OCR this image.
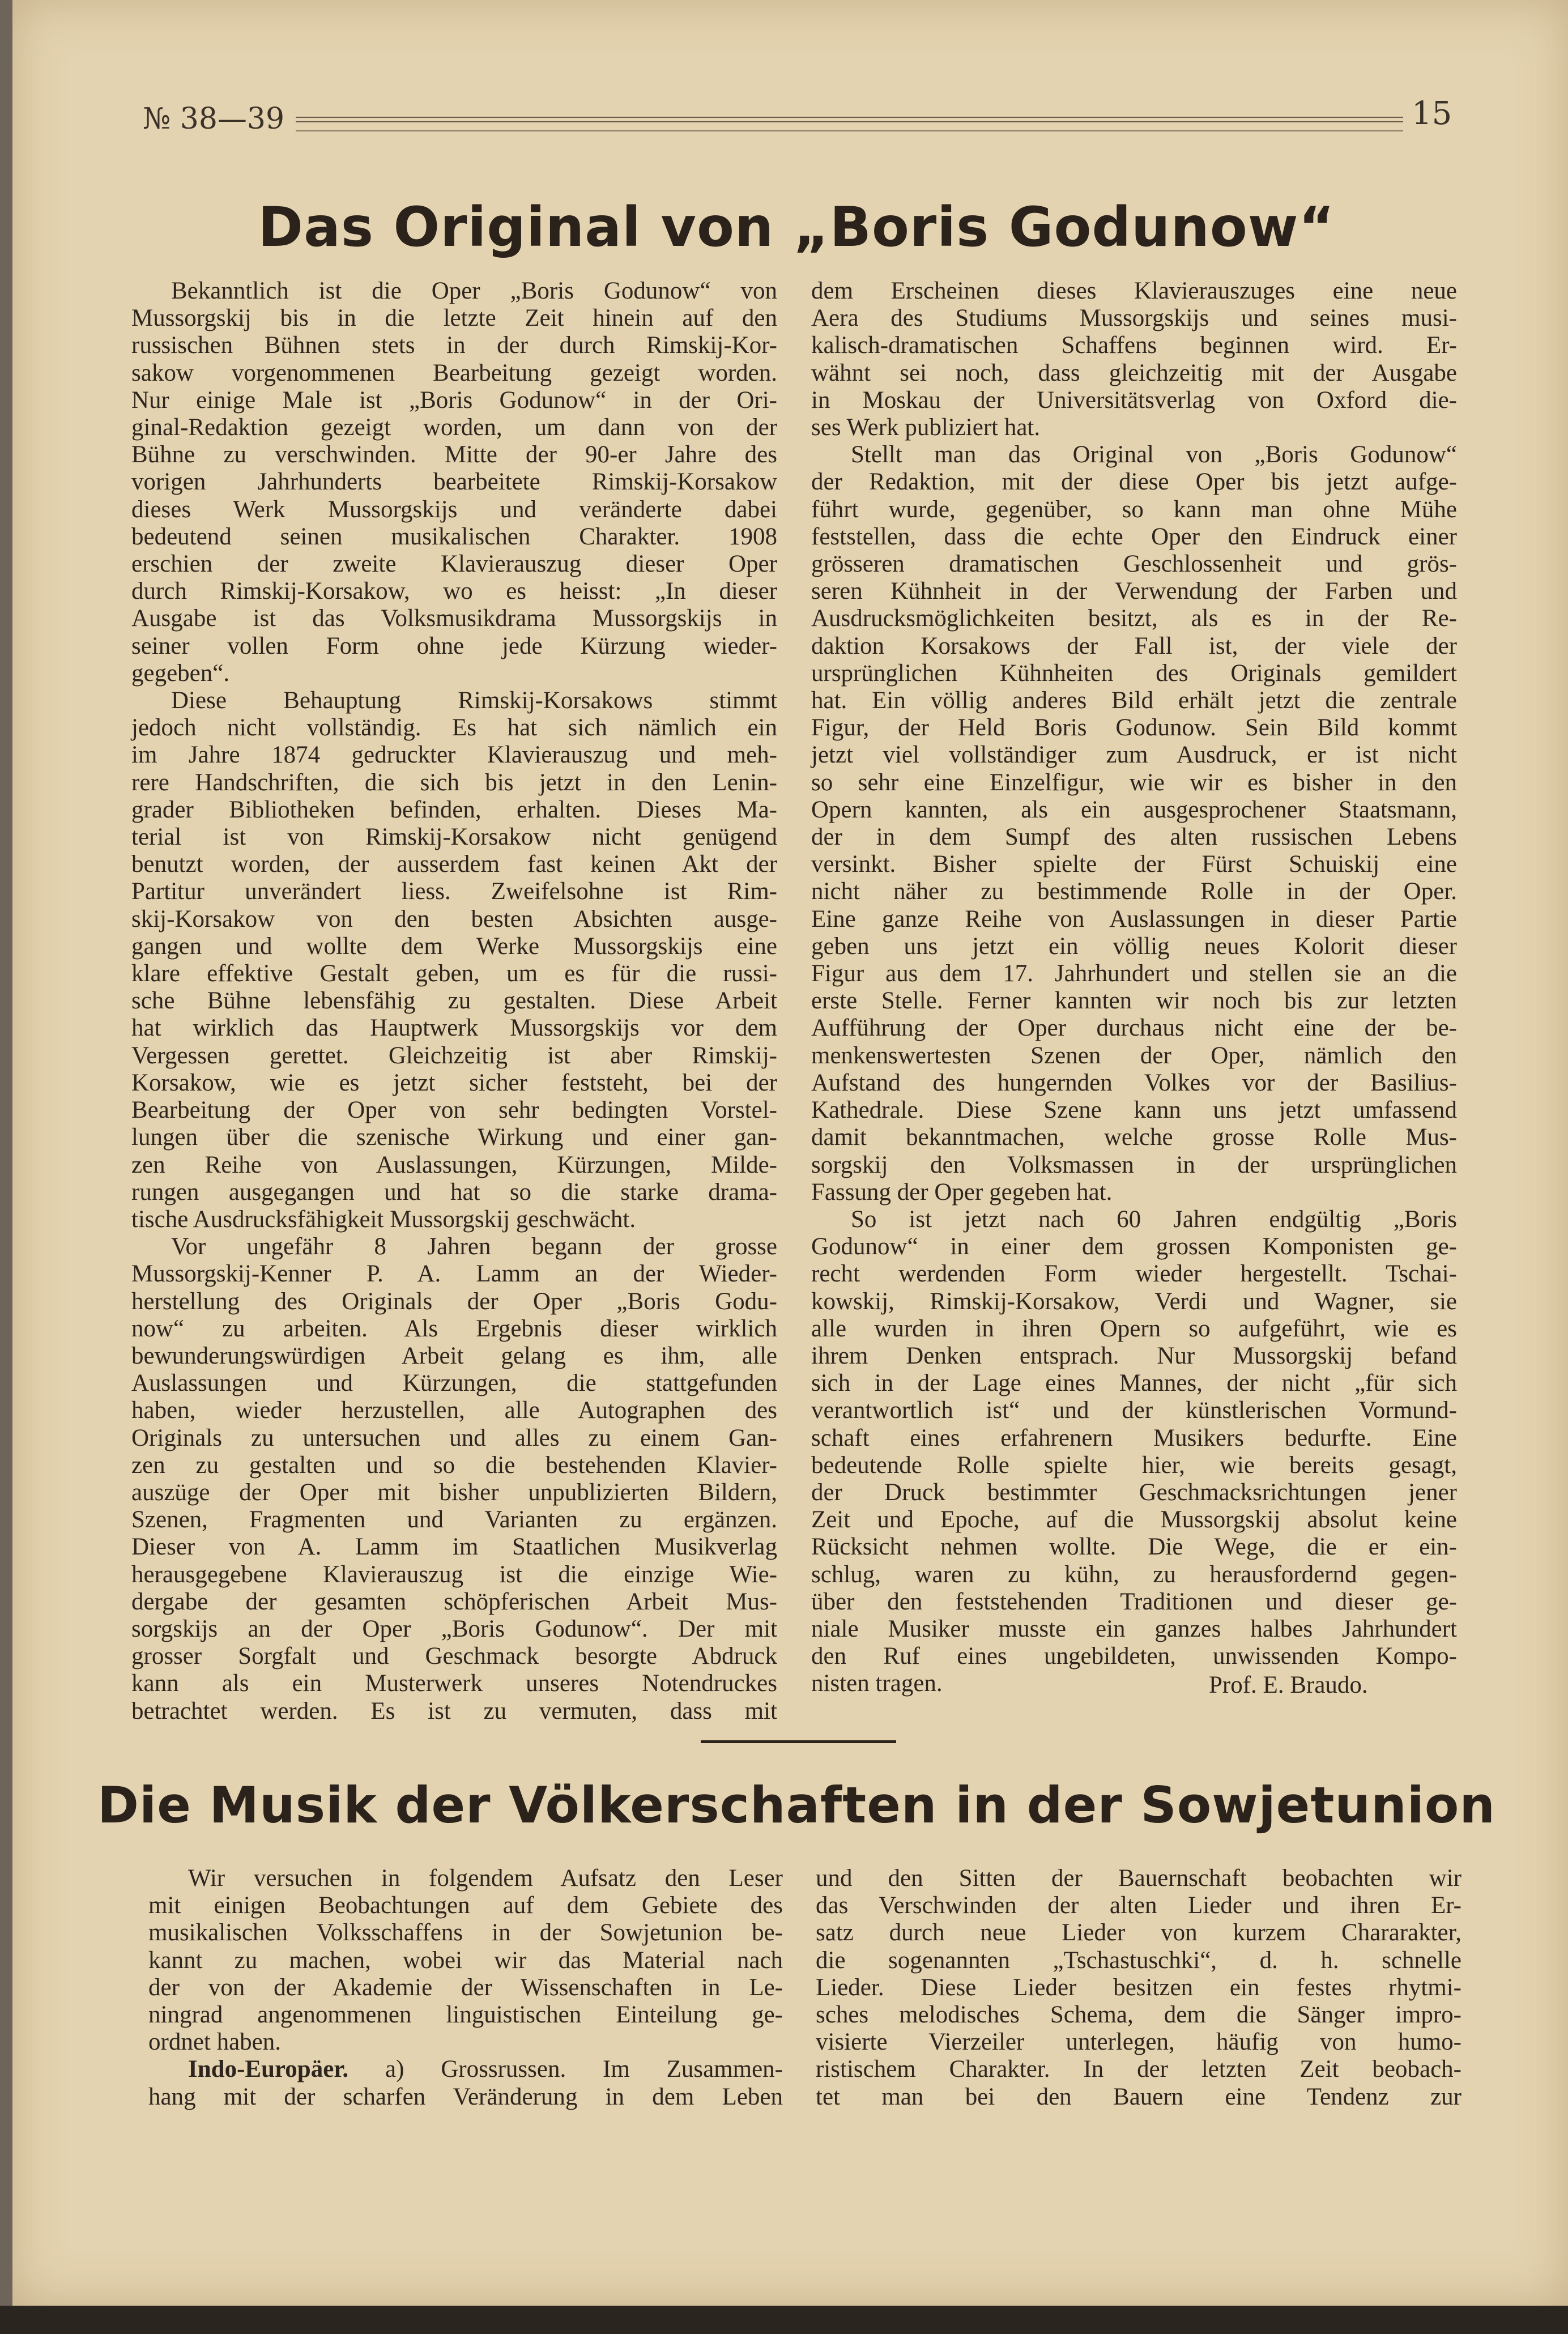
№ 38—39	15
Das Original von „Boris Godunow“
Bekanntlich ist die Oper „Boris Godunow“ von
Mussorgskij bis in die letzte Zeit hinein auf den
russischen Bühnen stets in der durch Rimskij-Kor-
sakow vorgenommenen Bearbeitung gezeigt worden.
Nur einige Male ist „Boris Godunow“ in der Ori-
ginal-Redaktion gezeigt worden, um dann von der
Bühne zu verschwinden. Mitte der 90-er Jahre des
vorigen Jahrhunderts bearbeitete Rimskij-Korsakow
dieses Werk Mussorgskijs und veränderte dabei
bedeutend seinen musikalischen Charakter. 1908
erschien der zweite Klavierauszug dieser Oper
durch Rimskij-Korsakow, wo es heisst: „In dieser
Ausgabe ist das Volksmusikdrama Mussorgskijs in
seiner vollen Form ohne jede Kürzung wieder-
gegeben“.
Diese Behauptung Rimskij-Korsakows stimmt
jedoch nicht vollständig. Es hat sich nämlich ein
im Jahre 1874 gedruckter Klavierauszug und meh-
rere Handschriften, die sich bis jetzt in den Lenin-
grader Bibliotheken befinden, erhalten. Dieses Ma-
terial ist von Rimskij-Korsakow nicht genügend
benutzt worden, der ausserdem fast keinen Akt der
Partitur unverändert liess. Zweifelsohne ist Rim-
skij-Korsakow von den besten Absichten ausge-
gangen und wollte dem Werke Mussorgskijs eine
klare effektive Gestalt geben, um es für die russi-
sche Bühne lebensfähig zu gestalten. Diese Arbeit
hat wirklich das Hauptwerk Mussorgskijs vor dem
Vergessen gerettet. Gleichzeitig ist aber Rimskij-
Korsakow, wie es jetzt sicher feststeht, bei der
Bearbeitung der Oper von sehr bedingten Vorstel-
lungen über die szenische Wirkung und einer gan-
zen Reihe von Auslassungen, Kürzungen, Milde-
rungen ausgegangen und hat so die starke drama-
tische Ausdrucksfähigkeit Mussorgskij geschwächt.
Vor ungefähr 8 Jahren begann der grosse
Mussorgskij-Kenner P. A. Lamm an der Wieder-
herstellung des Originals der Oper „Boris Godu-
now“ zu arbeiten. Als Ergebnis dieser wirklich
bewunderungswürdigen Arbeit gelang es ihm, alle
Auslassungen und Kürzungen, die stattgefunden
haben, wieder herzustellen, alle Autographen des
Originals zu untersuchen und alles zu einem Gan-
zen zu gestalten und so die bestehenden Klavier-
auszüge der Oper mit bisher unpublizierten Bildern,
Szenen, Fragmenten und Varianten zu ergänzen.
Dieser von A. Lamm im Staatlichen Musikverlag
herausgegebene Klavierauszug ist die einzige Wie-
dergabe der gesamten schöpferischen Arbeit Mus-
sorgskijs an der Oper „Boris Godunow“. Der mit
grosser Sorgfalt und Geschmack besorgte Abdruck
kann als ein Musterwerk unseres Notendruckes
betrachtet werden. Es ist zu vermuten, dass mit
dem Erscheinen dieses Klavierauszuges eine neue
Aera des Studiums Mussorgskijs und seines musi-
kalisch-dramatischen Schaffens beginnen wird. Er-
wähnt sei noch, dass gleichzeitig mit der Ausgabe
in Moskau der Universitätsverlag von Oxford die-
ses Werk publiziert hat.
Stellt man das Original von „Boris Godunow“
der Redaktion, mit der diese Oper bis jetzt aufge-
führt wurde, gegenüber, so kann man ohne Mühe
feststellen, dass die echte Oper den Eindruck einer
grösseren dramatischen Geschlossenheit und grös-
seren Kühnheit in der Verwendung der Farben und
Ausdrucksmöglichkeiten besitzt, als es in der Re-
daktion Korsakows der Fall ist, der viele der
ursprünglichen Kühnheiten des Originals gemildert
hat. Ein völlig anderes Bild erhält jetzt die zentrale
Figur, der Held Boris Godunow. Sein Bild kommt
jetzt viel vollständiger zum Ausdruck, er ist nicht
so sehr eine Einzelfigur, wie wir es bisher in den
Opern kannten, als ein ausgesprochener Staatsmann,
der in dem Sumpf des alten russischen Lebens
versinkt. Bisher spielte der Fürst Schuiskij eine
nicht näher zu bestimmende Rolle in der Oper.
Eine ganze Reihe von Auslassungen in dieser Partie
geben uns jetzt ein völlig neues Kolorit dieser
Figur aus dem 17. Jahrhundert und stellen sie an die
erste Stelle. Ferner kannten wir noch bis zur letzten
Aufführung der Oper durchaus nicht eine der be-
menkenswertesten Szenen der Oper, nämlich den
Aufstand des hungernden Volkes vor der Basilius-
Kathedrale. Diese Szene kann uns jetzt umfassend
damit bekanntmachen, welche grosse Rolle Mus-
sorgskij den Volksmassen in der ursprünglichen
Fassung der Oper gegeben hat.
So ist jetzt nach 60 Jahren endgültig „Boris
Godunow“ in einer dem grossen Komponisten ge-
recht werdenden Form wieder hergestellt. Tschai-
kowskij, Rimskij-Korsakow, Verdi und Wagner, sie
alle wurden in ihren Opern so aufgeführt, wie es
ihrem Denken entsprach. Nur Mussorgskij befand
sich in der Lage eines Mannes, der nicht „für sich
verantwortlich ist“ und der künstlerischen Vormund-
schaft eines erfahrenern Musikers bedurfte. Eine
bedeutende Rolle spielte hier, wie bereits gesagt,
der Druck bestimmter Geschmacksrichtungen jener
Zeit und Epoche, auf die Mussorgskij absolut keine
Rücksicht nehmen wollte. Die Wege, die er ein-
schlug, waren zu kühn, zu herausfordernd gegen-
über den feststehenden Traditionen und dieser ge-
niale Musiker musste ein ganzes halbes Jahrhundert
den Ruf eines ungebildeten, unwissenden Kompo-
nisten tragen.	Prof. E. Braudo.
Die Musik der Völkerschaften in der Sowjetunion
Wir versuchen in folgendem Aufsatz den Leser
mit einigen Beobachtungen auf dem Gebiete des
musikalischen Volksschaffens in der Sowjetunion be-
kannt zu machen, wobei wir das Material nach
der von der Akademie der Wissenschaften in Le-
ningrad angenommenen linguistischen Einteilung ge-
ordnet haben.
Indo-Europäer. a) Grossrussen. Im Zusammen-
hang mit der scharfen Veränderung in dem Leben
und den Sitten der Bauernschaft beobachten wir
das Verschwinden der alten Lieder und ihren Er-
satz durch neue Lieder von kurzem Chararakter,
die sogenannten „Tschastuschki“, d. h. schnelle
Lieder. Diese Lieder besitzen ein festes rhytmi-
sches melodisches Schema, dem die Sänger impro-
visierte Vierzeiler unterlegen, häufig von humo-
ristischem Charakter. In der letzten Zeit beobach-
tet man bei den Bauern eine Tendenz zur
